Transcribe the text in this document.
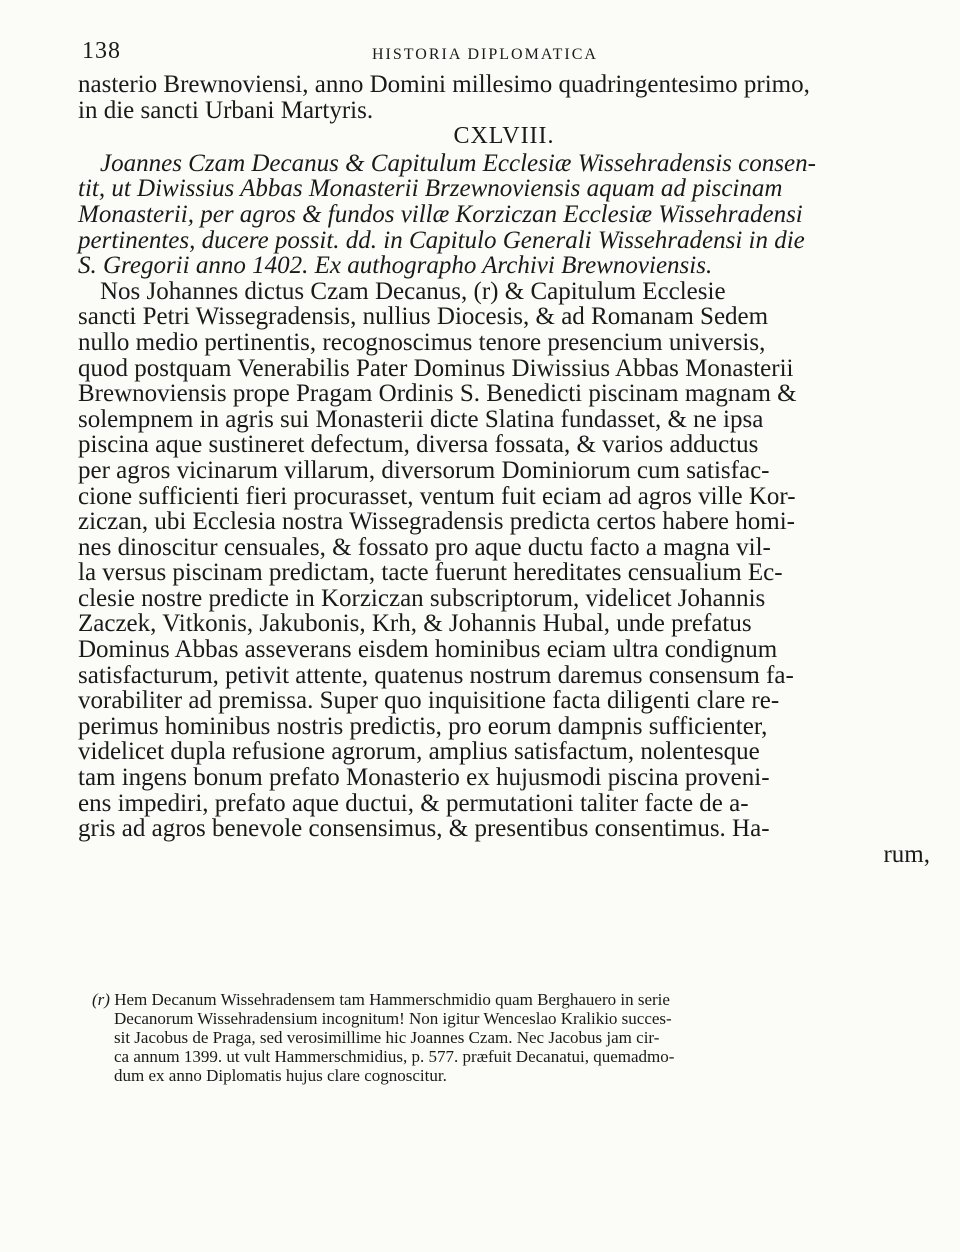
138	HISTORIA DIPLOMATICA
nasterio Brewnoviensi, anno Domini millesimo quadringentesimo primo,
in die sancti Urbani Martyris.
CXLVIII.
Joannes Czam Decanus & Capitulum Ecclesiæ Wissehradensis consen-
tit, ut Diwissius Abbas Monasterii Brzewnoviensis aquam ad piscinam
Monasterii, per agros & fundos villæ Korziczan Ecclesiæ Wissehradensi
pertinentes, ducere possit. dd. in Capitulo Generali Wissehradensi in die
S. Gregorii anno 1402. Ex authographo Archivi Brewnoviensis.
Nos Johannes dictus Czam Decanus, (r) & Capitulum Ecclesie
sancti Petri Wissegradensis, nullius Diocesis, & ad Romanam Sedem
nullo medio pertinentis, recognoscimus tenore presencium universis,
quod postquam Venerabilis Pater Dominus Diwissius Abbas Monasterii
Brewnoviensis prope Pragam Ordinis S. Benedicti piscinam magnam &
solempnem in agris sui Monasterii dicte Slatina fundasset, & ne ipsa
piscina aque sustineret defectum, diversa fossata, & varios adductus
per agros vicinarum villarum, diversorum Dominiorum cum satisfac-
cione sufficienti fieri procurasset, ventum fuit eciam ad agros ville Kor-
ziczan, ubi Ecclesia nostra Wissegradensis predicta certos habere homi-
nes dinoscitur censuales, & fossato pro aque ductu facto a magna vil-
la versus piscinam predictam, tacte fuerunt hereditates censualium Ec-
clesie nostre predicte in Korziczan subscriptorum, videlicet Johannis
Zaczek, Vitkonis, Jakubonis, Krh, & Johannis Hubal, unde prefatus
Dominus Abbas asseverans eisdem hominibus eciam ultra condignum
satisfacturum, petivit attente, quatenus nostrum daremus consensum fa-
vorabiliter ad premissa. Super quo inquisitione facta diligenti clare re-
perimus hominibus nostris predictis, pro eorum dampnis sufficienter,
videlicet dupla refusione agrorum, amplius satisfactum, nolentesque
tam ingens bonum prefato Monasterio ex hujusmodi piscina proveni-
ens impediri, prefato aque ductui, & permutationi taliter facte de a-
gris ad agros benevole consensimus, & presentibus consentimus. Ha-
rum,
(r) Hem Decanum Wissehradensem tam Hammerschmidio quam Berghauero in serie
Decanorum Wissehradensium incognitum! Non igitur Wenceslao Kralikio succes-
sit Jacobus de Praga, sed verosimillime hic Joannes Czam. Nec Jacobus jam cir-
ca annum 1399. ut vult Hammerschmidius, p. 577. præfuit Decanatui, quemadmo-
dum ex anno Diplomatis hujus clare cognoscitur.
